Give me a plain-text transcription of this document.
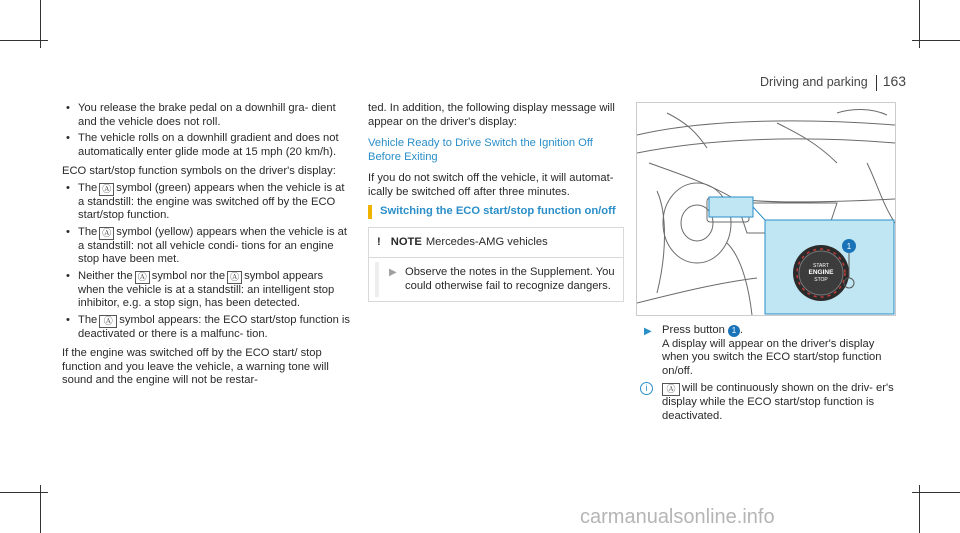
Driving and parking 163
• You release the brake pedal on a downhill gra- dient and the vehicle does not roll.
• The vehicle rolls on a downhill gradient and does not automatically enter glide mode at 15 mph (20 km/h).

ECO start/stop function symbols on the driver's display:

• The Ⓐ symbol (green) appears when the vehicle is at a standstill: the engine was switched off by the ECO start/stop function.
• The Ⓐ symbol (yellow) appears when the vehicle is at a standstill: not all vehicle condi- tions for an engine stop have been met.
• Neither the Ⓐ symbol nor the Ⓐ symbol appears when the vehicle is at a standstill: an intelligent stop inhibitor, e.g. a stop sign, has been detected.
• The Ⓐ symbol appears: the ECO start/stop function is deactivated or there is a malfunc- tion.

If the engine was switched off by the ECO start/ stop function and you leave the vehicle, a warning tone will sound and the engine will not be restar-

ted. In addition, the following display message will appear on the driver's display:

Vehicle Ready to Drive Switch the Ignition Off Before Exiting

If you do not switch off the vehicle, it will automat- ically be switched off after three minutes.

Switching the ECO start/stop function on/off
! NOTE Mercedes-AMG vehicles
▶ Observe the notes in the Supplement. You could otherwise fail to recognize dangers.
START
ENGINE
STOP
1
▶ Press button 1 .
A display will appear on the driver's display when you switch the ECO start/stop function on/off.
i	Ⓐ will be continuously shown on the driv- er's display while the ECO start/stop function is deactivated.
carmanualsonline.info
